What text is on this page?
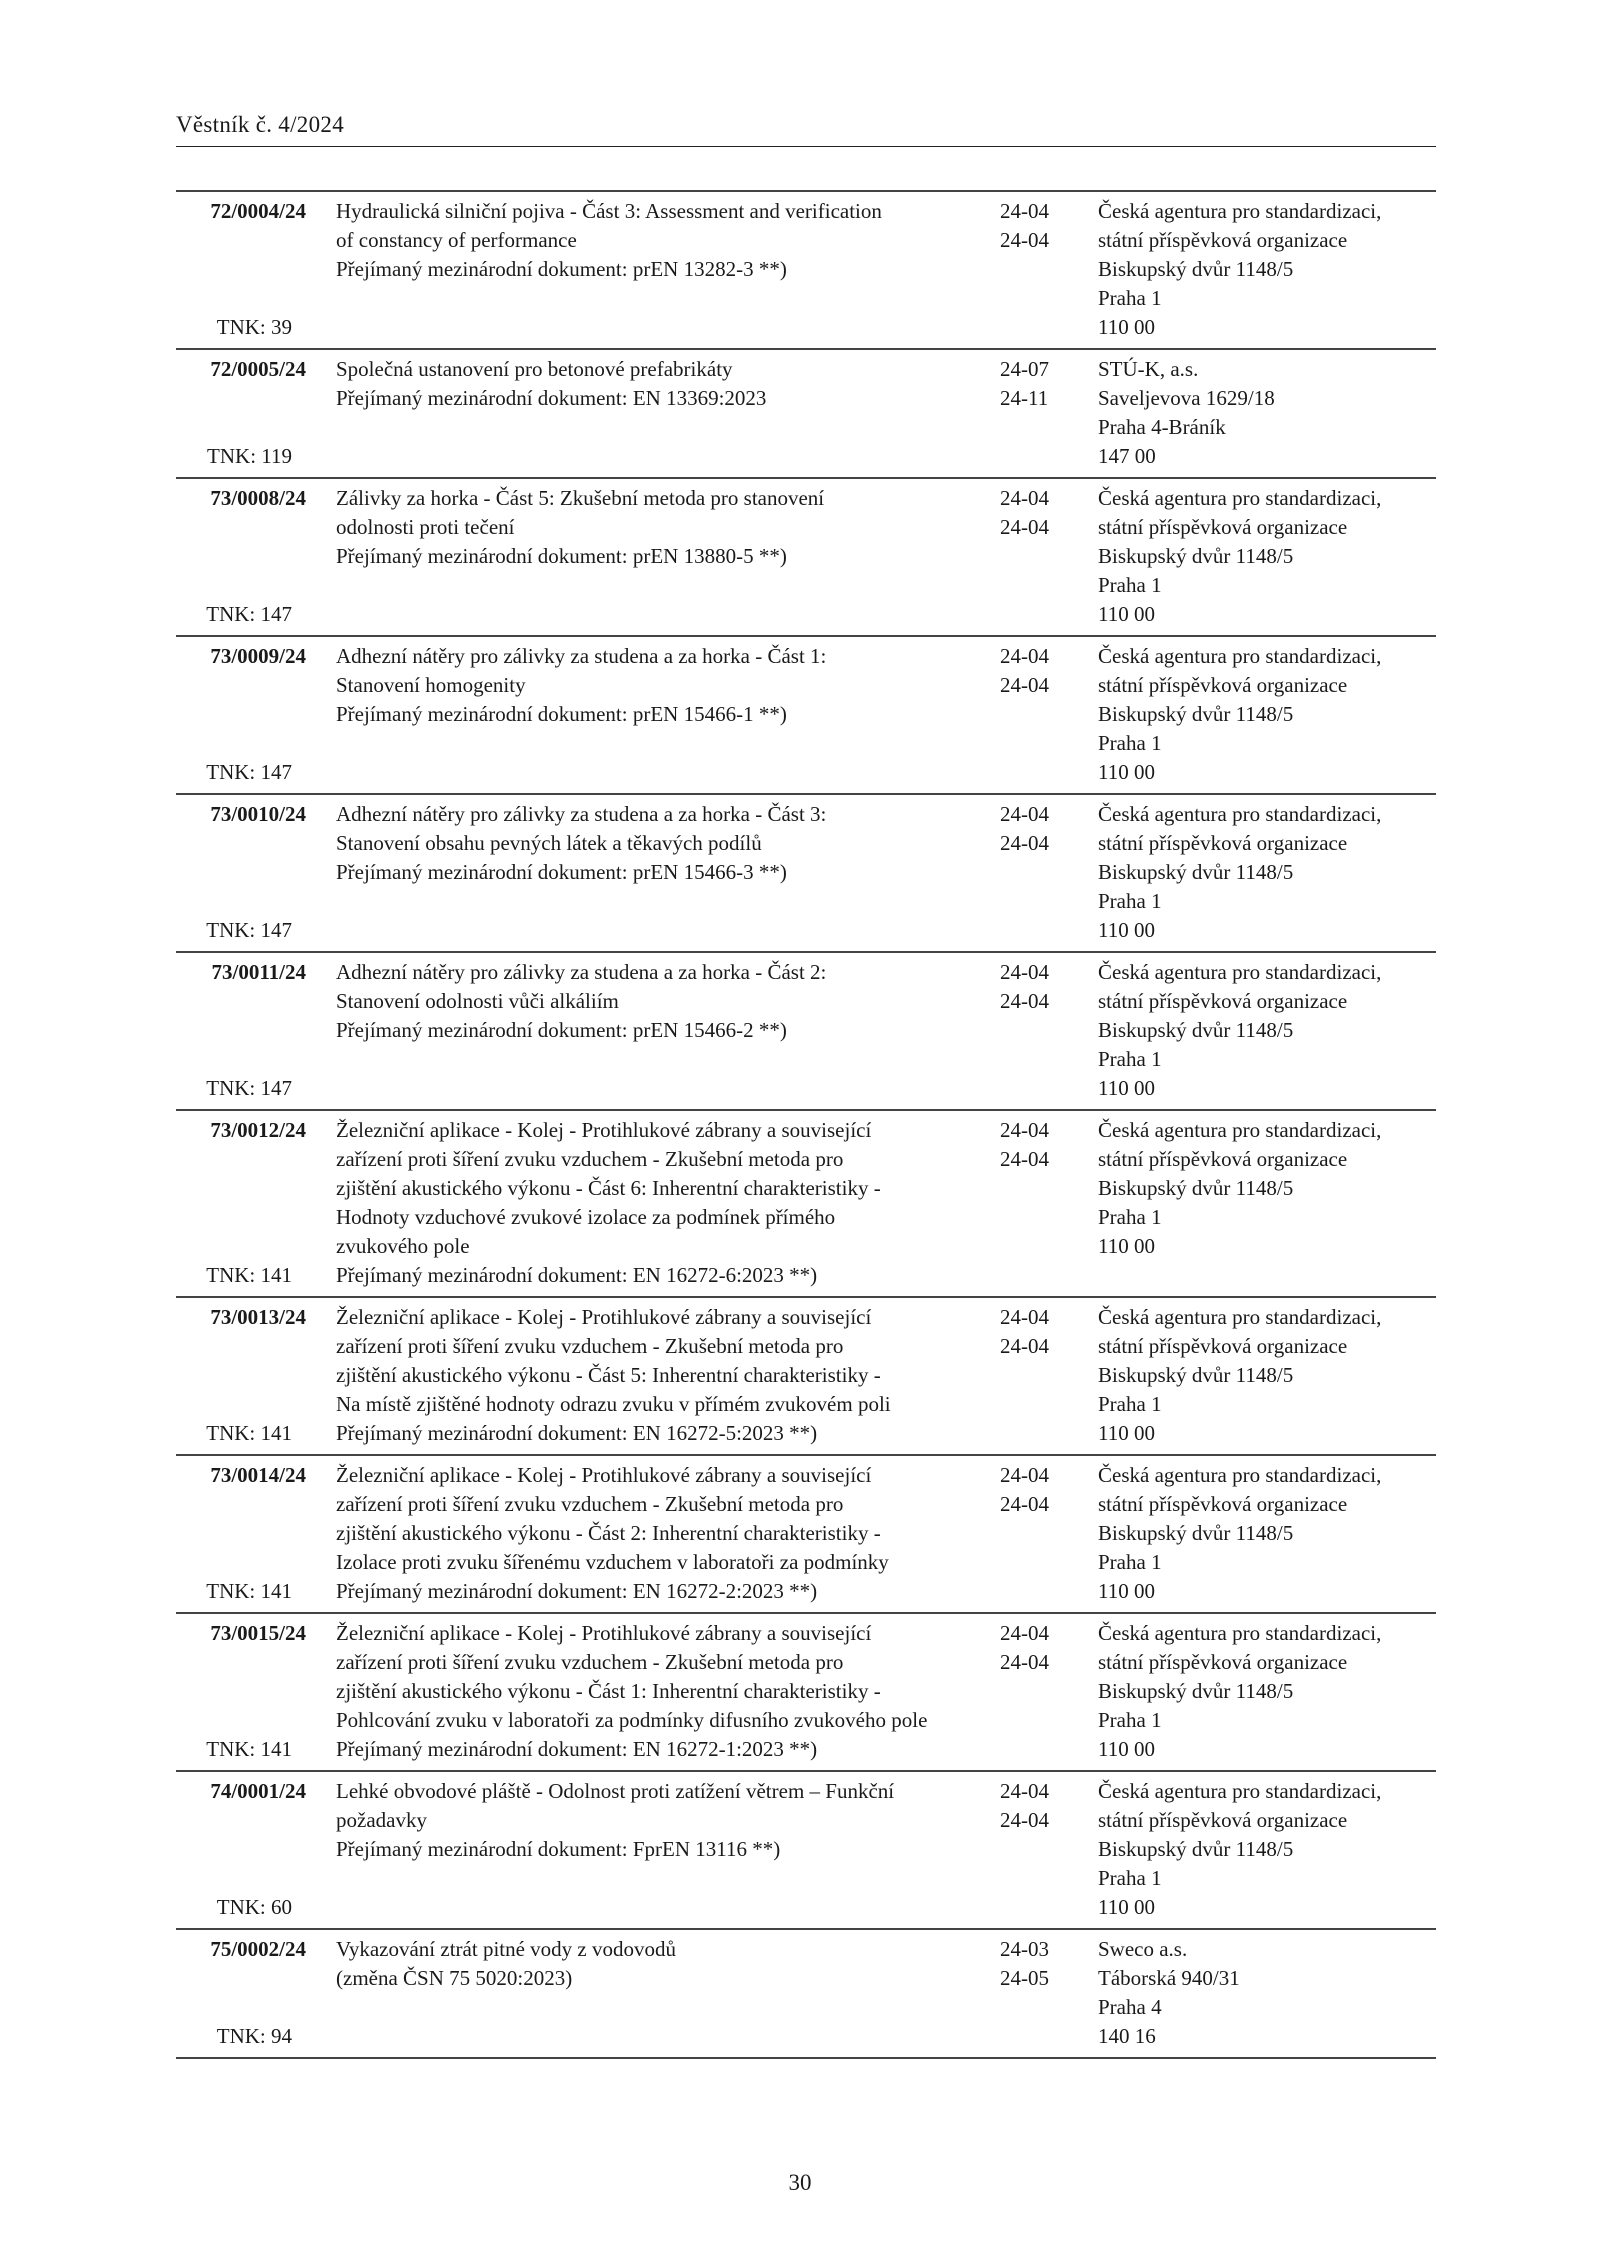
Věstník č. 4/2024
72/0004/24
TNK: 39
Hydraulická silniční pojiva - Část 3: Assessment and verification
of constancy of performance
Přejímaný mezinárodní dokument: prEN 13282-3 **)
24-04
24-04
Česká agentura pro standardizaci,
státní příspěvková organizace
Biskupský dvůr 1148/5
Praha 1
110 00
72/0005/24
TNK: 119
Společná ustanovení pro betonové prefabrikáty
Přejímaný mezinárodní dokument: EN 13369:2023
24-07
24-11
STÚ-K, a.s.
Saveljevova 1629/18
Praha 4-Bráník
147 00
73/0008/24
TNK: 147
Zálivky za horka - Část 5: Zkušební metoda pro stanovení
odolnosti proti tečení
Přejímaný mezinárodní dokument: prEN 13880-5 **)
24-04
24-04
Česká agentura pro standardizaci,
státní příspěvková organizace
Biskupský dvůr 1148/5
Praha 1
110 00
73/0009/24
TNK: 147
Adhezní nátěry pro zálivky za studena a za horka - Část 1:
Stanovení homogenity
Přejímaný mezinárodní dokument: prEN 15466-1 **)
24-04
24-04
Česká agentura pro standardizaci,
státní příspěvková organizace
Biskupský dvůr 1148/5
Praha 1
110 00
73/0010/24
TNK: 147
Adhezní nátěry pro zálivky za studena a za horka - Část 3:
Stanovení obsahu pevných látek a těkavých podílů
Přejímaný mezinárodní dokument: prEN 15466-3 **)
24-04
24-04
Česká agentura pro standardizaci,
státní příspěvková organizace
Biskupský dvůr 1148/5
Praha 1
110 00
73/0011/24
TNK: 147
Adhezní nátěry pro zálivky za studena a za horka - Část 2:
Stanovení odolnosti vůči alkáliím
Přejímaný mezinárodní dokument: prEN 15466-2 **)
24-04
24-04
Česká agentura pro standardizaci,
státní příspěvková organizace
Biskupský dvůr 1148/5
Praha 1
110 00
73/0012/24
TNK: 141
Železniční aplikace - Kolej - Protihlukové zábrany a související
zařízení proti šíření zvuku vzduchem - Zkušební metoda pro
zjištění akustického výkonu - Část 6: Inherentní charakteristiky -
Hodnoty vzduchové zvukové izolace za podmínek přímého
zvukového pole
Přejímaný mezinárodní dokument: EN 16272-6:2023 **)
24-04
24-04
Česká agentura pro standardizaci,
státní příspěvková organizace
Biskupský dvůr 1148/5
Praha 1
110 00
73/0013/24
TNK: 141
Železniční aplikace - Kolej - Protihlukové zábrany a související
zařízení proti šíření zvuku vzduchem - Zkušební metoda pro
zjištění akustického výkonu - Část 5: Inherentní charakteristiky -
Na místě zjištěné hodnoty odrazu zvuku v přímém zvukovém poli
Přejímaný mezinárodní dokument: EN 16272-5:2023 **)
24-04
24-04
Česká agentura pro standardizaci,
státní příspěvková organizace
Biskupský dvůr 1148/5
Praha 1
110 00
73/0014/24
TNK: 141
Železniční aplikace - Kolej - Protihlukové zábrany a související
zařízení proti šíření zvuku vzduchem - Zkušební metoda pro
zjištění akustického výkonu - Část 2: Inherentní charakteristiky -
Izolace proti zvuku šířenému vzduchem v laboratoři za podmínky
Přejímaný mezinárodní dokument: EN 16272-2:2023 **)
24-04
24-04
Česká agentura pro standardizaci,
státní příspěvková organizace
Biskupský dvůr 1148/5
Praha 1
110 00
73/0015/24
TNK: 141
Železniční aplikace - Kolej - Protihlukové zábrany a související
zařízení proti šíření zvuku vzduchem - Zkušební metoda pro
zjištění akustického výkonu - Část 1: Inherentní charakteristiky -
Pohlcování zvuku v laboratoři za podmínky difusního zvukového pole
Přejímaný mezinárodní dokument: EN 16272-1:2023 **)
24-04
24-04
Česká agentura pro standardizaci,
státní příspěvková organizace
Biskupský dvůr 1148/5
Praha 1
110 00
74/0001/24
TNK: 60
Lehké obvodové pláště - Odolnost proti zatížení větrem – Funkční
požadavky
Přejímaný mezinárodní dokument: FprEN 13116 **)
24-04
24-04
Česká agentura pro standardizaci,
státní příspěvková organizace
Biskupský dvůr 1148/5
Praha 1
110 00
75/0002/24
TNK: 94
Vykazování ztrát pitné vody z vodovodů
(změna ČSN 75 5020:2023)
24-03
24-05
Sweco a.s.
Táborská 940/31
Praha 4
140 16
30
